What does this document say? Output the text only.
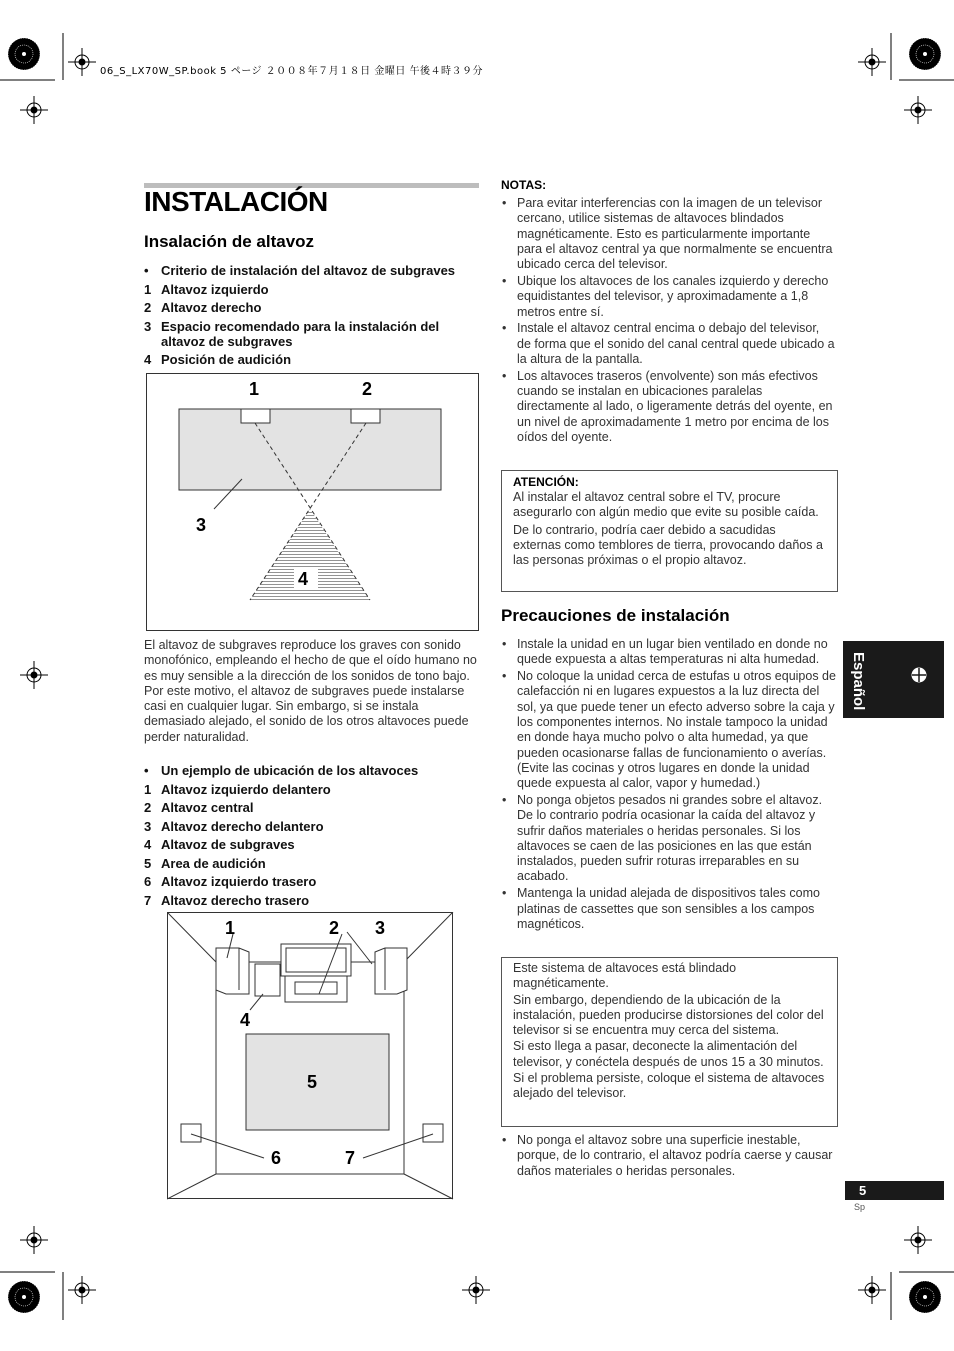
06_S_LX70W_SP.book 5 ページ ２００８年７月１８日 金曜日 午後４時３９分
INSTALACIÓN
Insalación de altavoz
• Criterio de instalación del altavoz de subgraves
1 Altavoz izquierdo
2 Altavoz derecho
3 Espacio recomendado para la instalación del altavoz de subgraves
4 Posición de audición
1	2
3
4
El altavoz de subgraves reproduce los graves con sonido monofónico, empleando el hecho de que el oído humano no es muy sensible a la dirección de los sonidos de tono bajo. Por este motivo, el altavoz de subgraves puede instalarse casi en cualquier lugar. Sin embargo, si se instala demasiado alejado, el sonido de los otros altavoces puede perder naturalidad.
• Un ejemplo de ubicación de los altavoces
1 Altavoz izquierdo delantero
2 Altavoz central
3 Altavoz derecho delantero
4 Altavoz de subgraves
5 Area de audición
6 Altavoz izquierdo trasero
7 Altavoz derecho trasero
1	2 3
4
5
6	7
NOTAS:
• Para evitar interferencias con la imagen de un televisor cercano, utilice sistemas de altavoces blindados magnéticamente. Esto es particularmente importante para el altavoz central ya que normalmente se encuentra ubicado cerca del televisor.
• Ubique los altavoces de los canales izquierdo y derecho equidistantes del televisor, y aproximadamente a 1,8 metros entre sí.
• Instale el altavoz central encima o debajo del televisor, de forma que el sonido del canal central quede ubicado a la altura de la pantalla.
• Los altavoces traseros (envolvente) son más efectivos cuando se instalan en ubicaciones paralelas directamente al lado, o ligeramente detrás del oyente, en un nivel de aproximadamente 1 metro por encima de los oídos del oyente.
ATENCIÓN:
Al instalar el altavoz central sobre el TV, procure asegurarlo con algún medio que evite su posible caída.
De lo contrario, podría caer debido a sacudidas externas como temblores de tierra, provocando daños a las personas próximas o el propio altavoz.
Precauciones de instalación
• Instale la unidad en un lugar bien ventilado en donde no quede expuesta a altas temperaturas ni alta humedad.
• No coloque la unidad cerca de estufas u otros equipos de calefacción ni en lugares expuestos a la luz directa del sol, ya que puede tener un efecto adverso sobre la caja y los componentes internos. No instale tampoco la unidad en donde haya mucho polvo o alta humedad, ya que pueden ocasionarse fallas de funcionamiento o averías. (Evite las cocinas y otros lugares en donde la unidad quede expuesta al calor, vapor y humedad.)
• No ponga objetos pesados ni grandes sobre el altavoz. De lo contrario podría ocasionar la caída del altavoz y sufrir daños materiales o heridas personales. Si los altavoces se caen de las posiciones en las que están instalados, pueden sufrir roturas irreparables en su acabado.
• Mantenga la unidad alejada de dispositivos tales como platinas de cassettes que son sensibles a los campos magnéticos.
Este sistema de altavoces está blindado magnéticamente.
Sin embargo, dependiendo de la ubicación de la instalación, pueden producirse distorsiones del color del televisor si se encuentra muy cerca del sistema.
Si esto llega a pasar, deconecte la alimentación del televisor, y conéctela después de unos 15 a 30 minutos.
Si el problema persiste, coloque el sistema de altavoces alejado del televisor.
• No ponga el altavoz sobre una superficie inestable, porque, de lo contrario, el altavoz podría caerse y causar daños materiales o heridas personales.
Español
5
Sp
